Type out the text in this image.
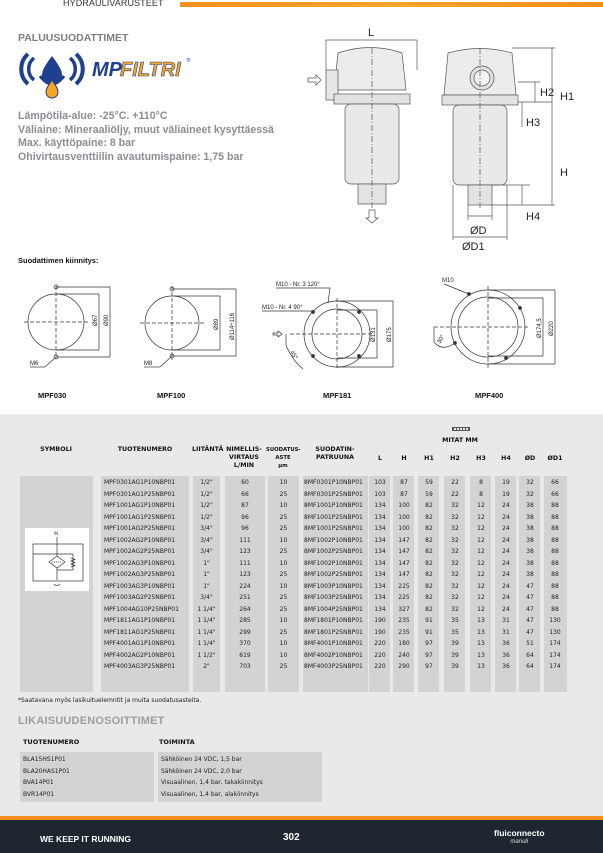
HYDRAULIVARUSTEET
PALUUSUODATTIMET
MP
FILTRI ®
Lämpötila-alue: -25°C. +110°C
Väliaine: Mineraaliöljy, muut väliaineet kysyttäessä
Max. käyttöpaine: 8 bar
Ohivirtausventtiilin avautumispaine: 1,75 bar
L
H1
H2
H3
H
H4
ØD
ØD1
Suodattimen kiinnitys:
M6
Ø67 Ø90
M8
Ø89 Ø114÷116
M10 - Nr. 3 120°
M10 - Nr. 4 90°
45°
Ø131 Ø175
M10
30°
Ø174,5 Ø220
MPF030	MPF100	MPF181	MPF400
SYMBOLI	TUOTENUMERO	LIITÄNTÄ NIMELLIS-
VIRTAUS
L/MIN
SUODATUS-
ASTE
µm
SUODATIN-
PATRUUNA
MITAT MM
L	H	H1	H2	H3	H4	ØD	ØD1
IN
MPF0301AG1P10NBP01	1/2"	60	10	8MF0301P10NBP01	103	87	59	22	8	19	32	66
MPF0301AG1P25NBP01	1/2"	66	25	8MF0301P25NBP01	103	87	59	22	8	19	32	66
MPF1001AG1P10NBP01	1/2"	87	10	8MF1001P10NBP01	134	100	82	32	12	24	38	88
MPF1001AG1P25NBP01	1/2"	96	25	8MF1001P25NBP01	134	100	82	32	12	24	38	88
MPF1001AG2P25NBP01	3/4"	96	25	8MF1001P25NBP01	134	100	82	32	12	24	38	88
MPF1002AG2P10NBP01	3/4"	111	10	8MF1002P10NBP01	134	147	82	32	12	24	38	88
MPF1002AG2P25NBP01	3/4"	123	25	8MF1002P25NBP01	134	147	82	32	12	24	38	88
MPF1002AG3P10NBP01	1"	111	10	8MF1002P10NBP01	134	147	82	32	12	24	38	88
MPF1002AG3P25NBP01	1"	123	25	8MF1002P25NBP01	134	147	82	32	12	24	38	88
MPF1003AG3P10NBP01	1"	224	10	8MF1003P10NBP01	134	225	82	32	12	24	47	88
MPF1003AG2P25NBP01	3/4"	251	25	8MF1003P25NBP01	134	225	82	32	12	24	47	88
MPF1004AG10P25NBP01	1 1/4"	264	25	8MF1004P25NBP01	134	327	82	32	12	24	47	88
MPF1811AG1P10NBP01	1 1/4"	285	10	8MF1801P10NBP01	190	235	91	35	13	31	47	130
MPF1811AG1P25NBP01	1 1/4"	299	25	8MF1801P25NBP01	190	235	91	35	13	31	47	130
MPF4001AG1P10NBP01	1 1/4"	370	10	8MF4001P10NBP01	220	180	97	39	13	36	51	174
MPF4002AG2P10NBP01	1 1/2"	619	10	8MF4002P10NBP01	220	240	97	39	13	36	64	174
MPF4003AG3P25NBP01	2"	703	25	8MF4003P25NBP01	220	290	97	39	13	36	64	174
*Saatavana myös lasikuituelemntit ja muita suodatusasteita.
LIKAISUUDENOSOITTIMET
TUOTENUMERO	TOIMINTA
BLA15HS1P01	Sähköinen 24 VDC, 1,5 bar
BLA20HAS1P01	Sähköinen 24 VDC, 2,0 bar
BVA14P01	Visuaalinen, 1,4 bar, takakiinnitys
BVR14P01	Visuaalinen, 1,4 bar, alakiinnitys
WE KEEP IT RUNNING	302	fluiconnecto
manuli
